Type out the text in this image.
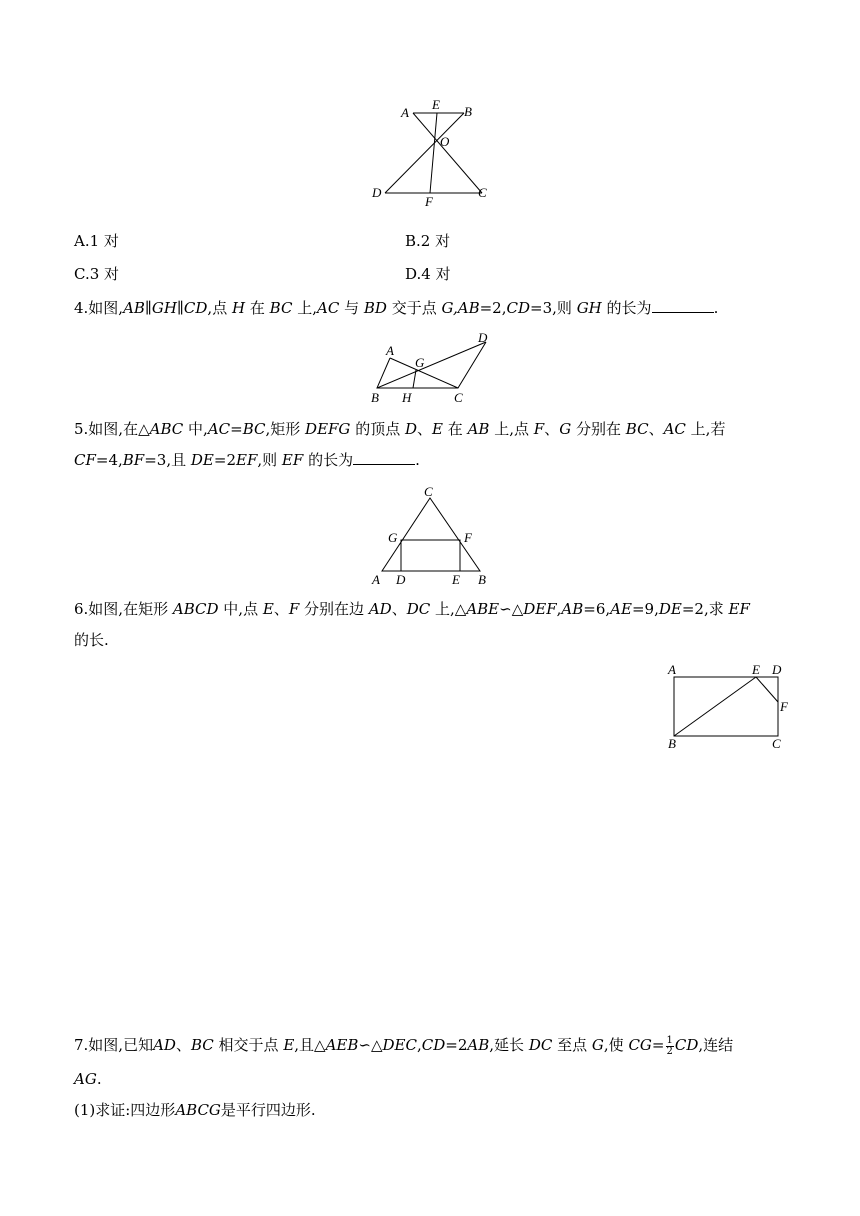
A
E B
O
D
F
C
A.1 对	B.2 对
C.3 对	D.4 对
4.如图,AB∥GH∥CD,点 H 在 BC 上,AC 与 BD 交于点 G,AB=2,CD=3,则 GH 的长为	.
A
G
D
B H	C
5.如图,在△ABC 中,AC=BC,矩形 DEFG 的顶点 D、E 在 AB 上,点 F、G 分别在 BC、AC 上,若
CF=4,BF=3,且 DE=2EF,则 EF 的长为	.
C
G	F
A D	E B
6.如图,在矩形 ABCD 中,点 E、F 分别在边 AD、DC 上,△ABE∽△DEF,AB=6,AE=9,DE=2,求 EF
的长.
A	E D
F
B	C
7.如图,已知AD、BC 相交于点 E,且△AEB∽△DEC,CD=2AB,延长 DC 至点 G,使 $CG= \frac{1}{2}$ CD,连结
AG.
(1)求证:四边形ABCG是平行四边形.
